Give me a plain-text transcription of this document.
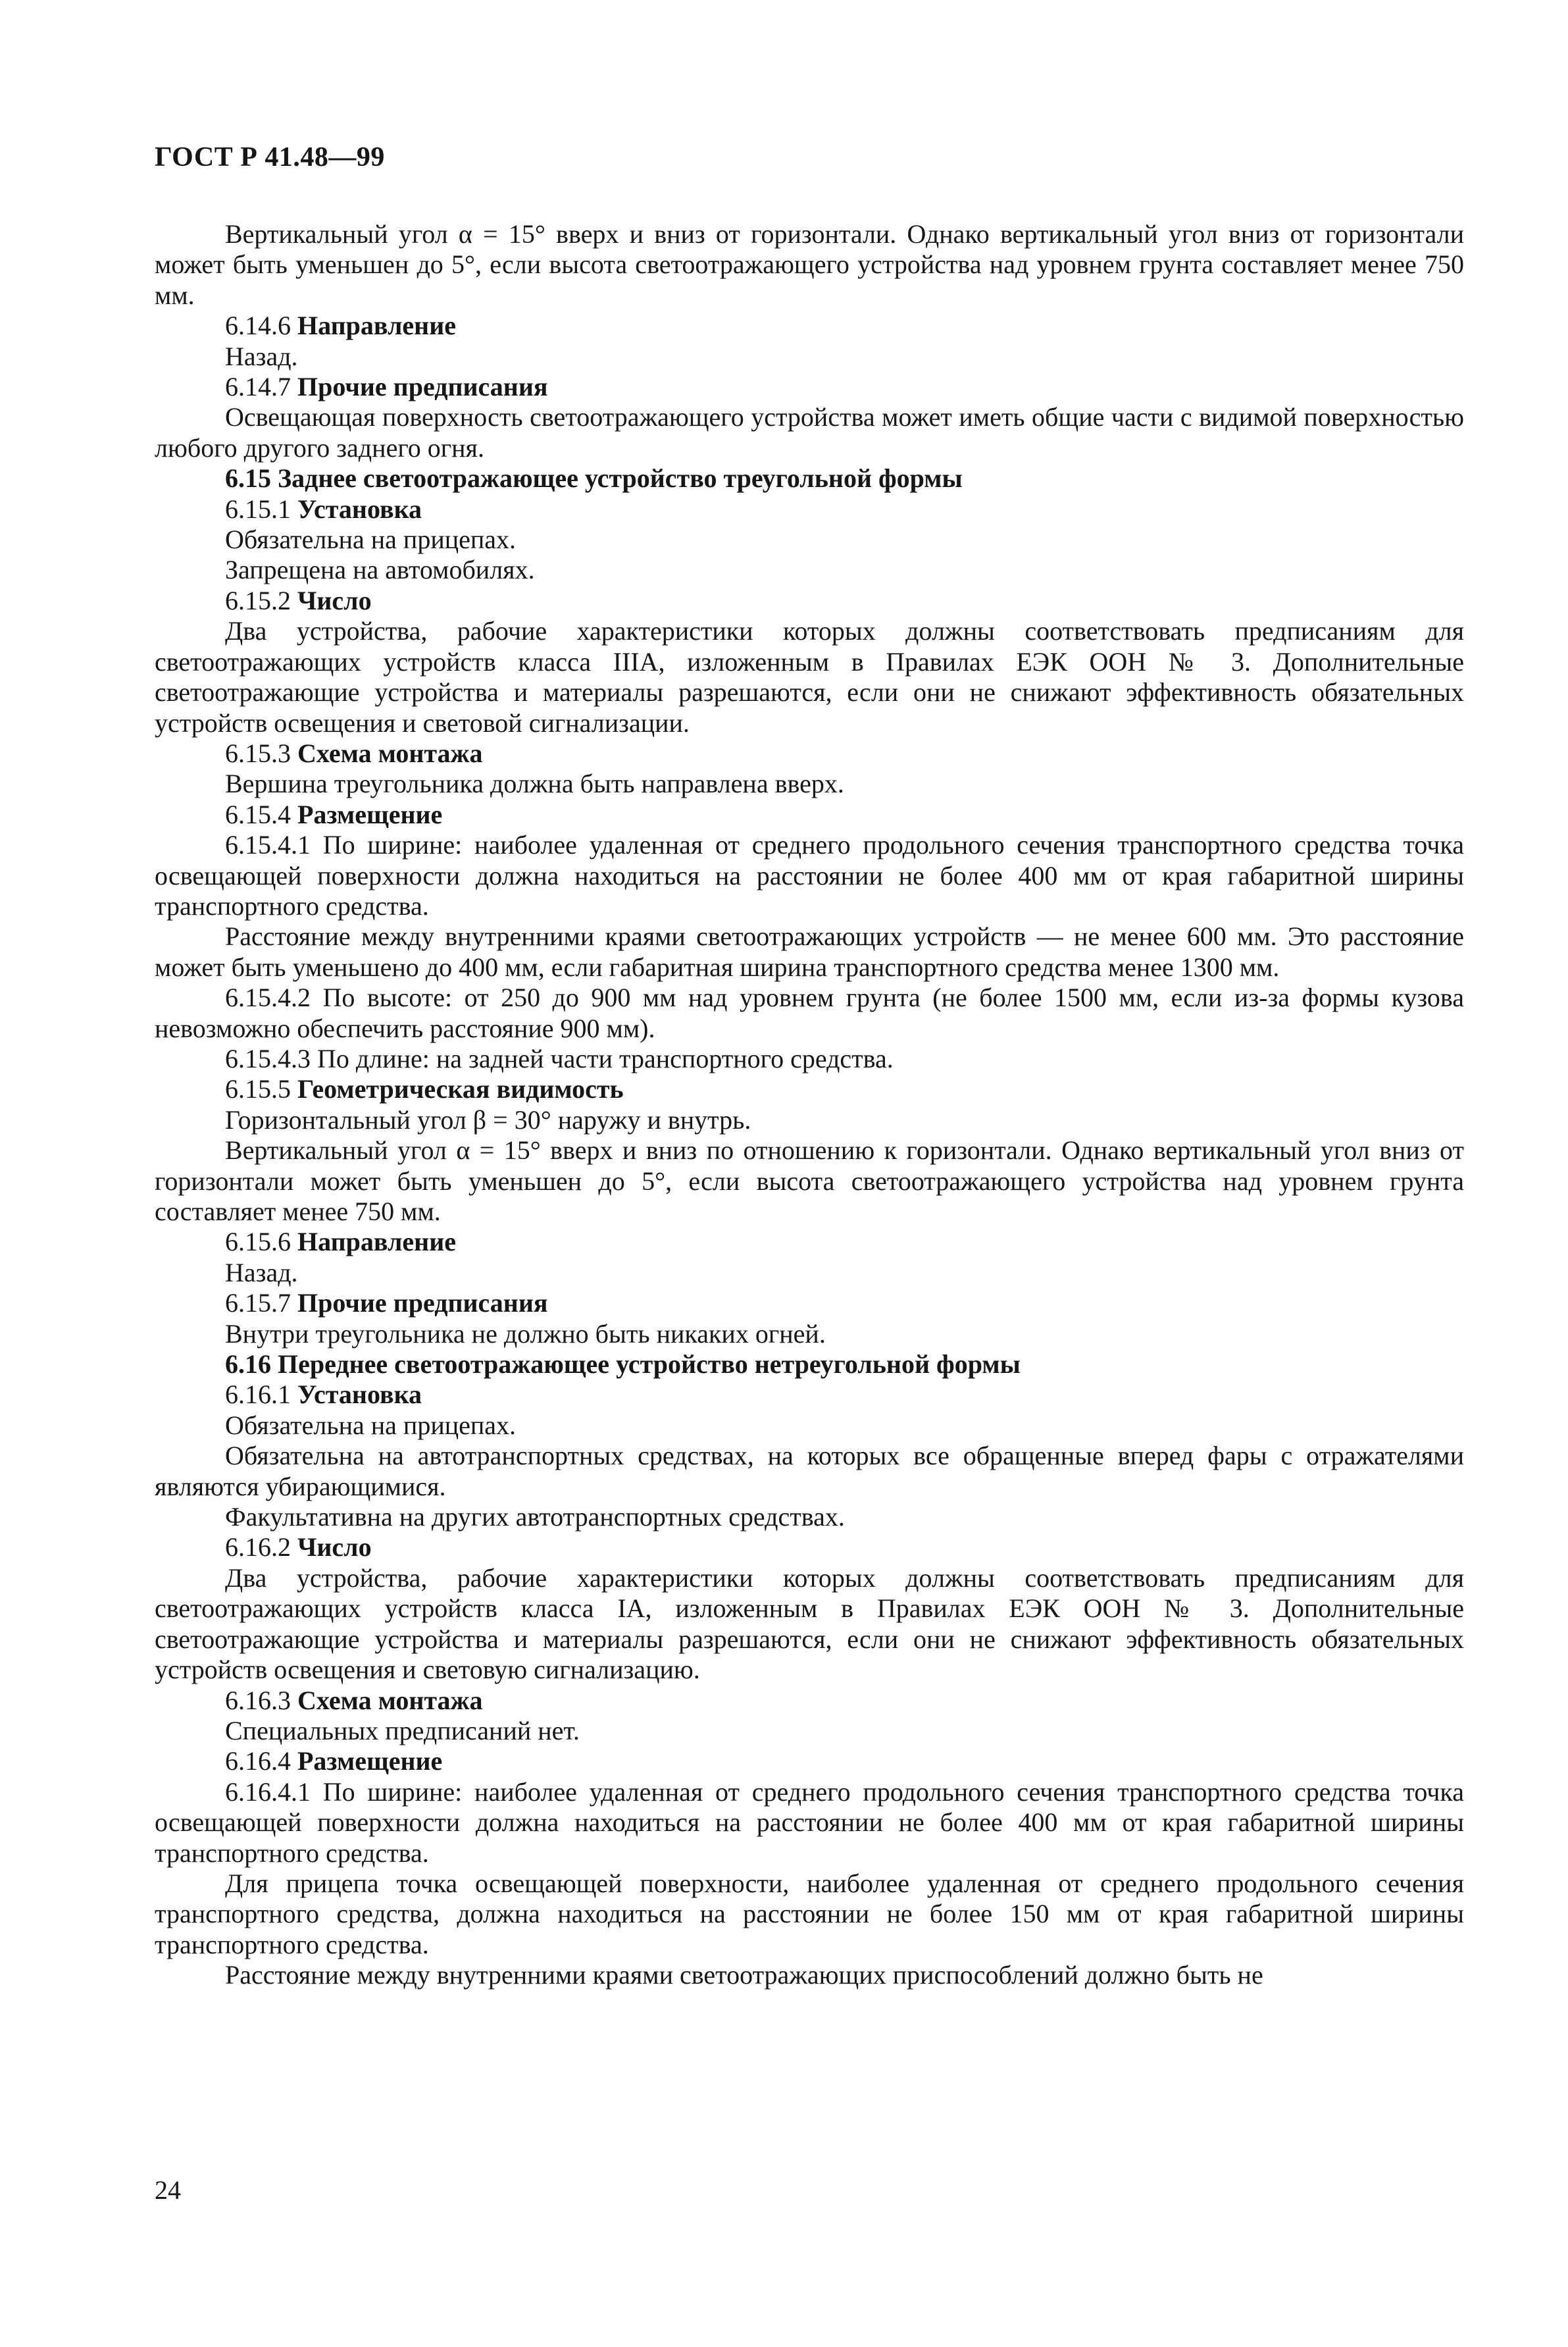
ГОСТ Р 41.48—99

Вертикальный угол α = 15° вверх и вниз от горизонтали. Однако вертикальный угол вниз от горизонтали может быть уменьшен до 5°, если высота светоотражающего устройства над уровнем грунта составляет менее 750 мм.

6.14.6 Направление

Назад.

6.14.7 Прочие предписания

Освещающая поверхность светоотражающего устройства может иметь общие части с видимой поверхностью любого другого заднего огня.

6.15 Заднее светоотражающее устройство треугольной формы

6.15.1 Установка

Обязательна на прицепах.

Запрещена на автомобилях.

6.15.2 Число

Два устройства, рабочие характеристики которых должны соответствовать предписаниям для светоотражающих устройств класса IIIA, изложенным в Правилах ЕЭК ООН № 3. Дополнительные светоотражающие устройства и материалы разрешаются, если они не снижают эффективность обязательных устройств освещения и световой сигнализации.

6.15.3 Схема монтажа

Вершина треугольника должна быть направлена вверх.

6.15.4 Размещение

6.15.4.1 По ширине: наиболее удаленная от среднего продольного сечения транспортного средства точка освещающей поверхности должна находиться на расстоянии не более 400 мм от края габаритной ширины транспортного средства.

Расстояние между внутренними краями светоотражающих устройств — не менее 600 мм. Это расстояние может быть уменьшено до 400 мм, если габаритная ширина транспортного средства менее 1300 мм.

6.15.4.2 По высоте: от 250 до 900 мм над уровнем грунта (не более 1500 мм, если из-за формы кузова невозможно обеспечить расстояние 900 мм).

6.15.4.3 По длине: на задней части транспортного средства.

6.15.5 Геометрическая видимость

Горизонтальный угол β = 30° наружу и внутрь.

Вертикальный угол α = 15° вверх и вниз по отношению к горизонтали. Однако вертикальный угол вниз от горизонтали может быть уменьшен до 5°, если высота светоотражающего устройства над уровнем грунта составляет менее 750 мм.

6.15.6 Направление

Назад.

6.15.7 Прочие предписания

Внутри треугольника не должно быть никаких огней.

6.16 Переднее светоотражающее устройство нетреугольной формы

6.16.1 Установка

Обязательна на прицепах.

Обязательна на автотранспортных средствах, на которых все обращенные вперед фары с отражателями являются убирающимися.

Факультативна на других автотранспортных средствах.

6.16.2 Число

Два устройства, рабочие характеристики которых должны соответствовать предписаниям для светоотражающих устройств класса IA, изложенным в Правилах ЕЭК ООН № 3. Дополнительные светоотражающие устройства и материалы разрешаются, если они не снижают эффективность обязательных устройств освещения и световую сигнализацию.

6.16.3 Схема монтажа

Специальных предписаний нет.

6.16.4 Размещение

6.16.4.1 По ширине: наиболее удаленная от среднего продольного сечения транспортного средства точка освещающей поверхности должна находиться на расстоянии не более 400 мм от края габаритной ширины транспортного средства.

Для прицепа точка освещающей поверхности, наиболее удаленная от среднего продольного сечения транспортного средства, должна находиться на расстоянии не более 150 мм от края габаритной ширины транспортного средства.

Расстояние между внутренними краями светоотражающих приспособлений должно быть не

24
